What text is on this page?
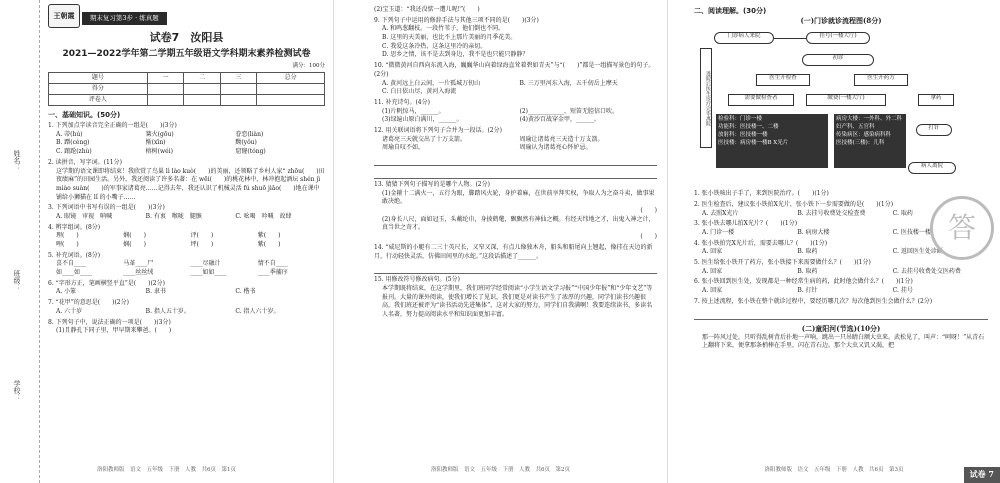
姓名：
班级：
学校：
王朝霞 期末复习第3步 · 练真题
试卷7　汝阳县
2021—2022学年第二学期五年级语文学科期末素养检测试卷
满分：100分
题号	一	二	三	总分
得分				
评卷人				
一、基础知识。(50分)
1. 下列加点字读音完全正确的一组是(　　)(3分)
A. 蒂(hú)	篝火(gōu)	眷恋(liàn)
B. 蹭(cèng)	惭(xīn)	黝(yǒu)
C. 踉跄(zhù)	榕树(wéi)	窟窿(tóng)
2. 读拼音，写字词。(11分)
这学期的语文课即将结束！我欣赏了鸟巢 lì lào kuò(　　)的美丽，还领略了乡村人家“ zhōu(　　)田夜绩麻”的田园生活。另外，我还阅读了许多名著：在 wēi(　　)的桃花林中，林冲抱起酒坛 shén jì miào suàn(　　)的军事家诸葛亮……记得去年，我还认识了机械灵活 fú shuō jiāo(　　)地在课中铺给小狮猫在 lǐ 的小嘴子……
3. 下列词语中书写有误的一组是(　　)(3分)
A. 眼镜　审视　呐喊	B. 有衷　喉咙　腿骸	C. 吆喝　吟喊　故肆
4. 辨字组词。(8分)
理(　　)	娴(　　)	评(　　)	紫(　　)
哩(　　)	娴(　　)	坪(　　)	紫(　　)
5. 补充词语。(8分)
喜不自____	马革____尸	____尽融计	情不自____
如____如____	____丝丝绒	____如如____	____季捕序
6. “字形方正，笔画横竖平直”是(　　)(2分)
A. 小篆	B. 隶书	C. 楷书
7. “花甲”的意思是(　　)(2分)
A. 六十岁	B. 指人五十岁。	C. 指人六十岁。
8. 下列句子中，说法正确的一项是(　　)(3分)
(1)且静孔下同子里，甲早期来攀爸。(　　)
洛阳教师版　语文　五年级　下册　人教　共6页　第1页
(2)宝玉道：“我还没惦一遭儿呢!”(　　)
9. 下列句子中运用的修辞手法与其他三项不同的是(　　)(3分)
A. 和鸣葱翻枝。一段竹苇子，他们倒也不同。
B. 这里的天美丽，也比不上那片美丽的月季花美。
C. 我爱这条冷热，这条这里冷的亲切。
D. 思乡之情，该不是去到身边，我不是也只能只静静？
10. “微微黄河自西向东流入海，巍巍华山向着绿海直耸着碧如青天”与“(　　)”都是一组描写景色的句子。(2分)
A. 黄河远上白云间，一片孤城万仞山	B. 三万里河东入海，五千仞岳上摩天
C. 白日依山尽，黄河入海流
11. 补充诗句。(4分)
(1)片帆惊马，______。	(2)____________，短笛无腔信口吹。
(3)绿遍山原白满川，______。	(4)黄沙百战穿金甲，______。
12. 用关联词语将下列句子合并为一段话。(2分)
诸葛亮三天就交出了十万支箭。	周瑜让诸葛亮三天造十万支箭。
周瑜自叹不如。	周瑜认为诸葛亮心怀妒忌。
13. 猜猜下列句子描写的是哪个人物。(2分)
(1)金箍十二满火一，五行为眼，脚踏风火轮，身护着麻，在世前享拜实权，争取人为之奋斗卖，做事果敢决绝。
(　　)
(2)身长八尺，面如冠玉，头戴纶巾，身披鹤氅，飘飘然有神仙之概。有经天纬地之才，出鬼入神之计，真当世之奇才。
(　　)
14. “威尼斯的小艇有二三十英尺长，又窄又深，有点儿像独木舟，船头和船尾向上翘起，像挂在天边的新月，行动轻快灵活，仿佛田间里的水蛇。”这段话描述了______。
15. 用修改符号修改病句。(5分)
本学期既将结束，在这学期里，我们班同学经常阅读“小学生语文学习报”“中国少年报”和“少年文艺”等报刊。大量的课外阅读，使我们增长了见识，我们更是对读书产生了浓厚的兴趣，同学们读书兴趣很高，我们班还被评为“读书活动先进集体”，这对大家的努力，同学们自我满啊！我要连续读书，多读名人名著，努力提高阅读水平和知识面更加丰富。
洛阳教师版　语文　五年级　下册　人教　共6页　第2页
二、阅读理解。(30分)
(一)门诊就诊流程图(8分)
门诊病人来院	挂号(一楼大厅)
初诊
医生开检查	医生开药方
需要做检查者	缴费(一楼大厅)	拿药
进院后医生诊疗完毕离院	检验科：门诊一楼
功能科：医技楼一、二楼
放射科：医技楼一楼
医技楼：病房楼一楼B X光片
病房大楼：一外科、外二科
妇产科、五官科
传染病区：感染病科科
医技楼(三楼)：儿科
打针
病人离院
1. 张小铁咳出子手了，来到医院治疗。(　　)(1分)
2. 医生检查后，建议张小铁拍X光片，张小铁下一步需要做的是(　　)(1分)
A. 去照X光片	B. 去挂号收费处交检查费	C. 取药
3. 张小铁去哪儿拍X光片？(　　)(1分)
A. 门诊一楼	B. 病房大楼	C. 医技楼一楼
4. 张小铁拍完X光片后，需要去哪儿？(　　)(1分)
A. 回家	B. 取药	C. 返回医生处诊断
5. 医生给张小铁开了药方，张小铁接下来需要做什么？(　　)(1分)
A. 回家	B. 取药	C. 去挂号收费处交医药费
6. 张小铁回到医生处，发现都是一种经常生病的药，此时他会做什么？(　　)(1分)
A. 回家	B. 打针	C. 挂号
7. 按上述流程，张小铁在整个就诊过程中，要经历哪几次？每次他到医生会做什么？(2分)
(二)童阳河(节选)(10分)
那一阵风过处，只听得乱树背后扑地一声响，跳出一只吊睛白额大虫来。武松见了，叫声：“呵呀！”从青石上翻将下来，便拿那条梢棒在手里，闪在青石边。那个大虫又饥又渴，把
答
洛阳教师版　语文　五年级　下册　人教　共6页　第3页	试卷 7
